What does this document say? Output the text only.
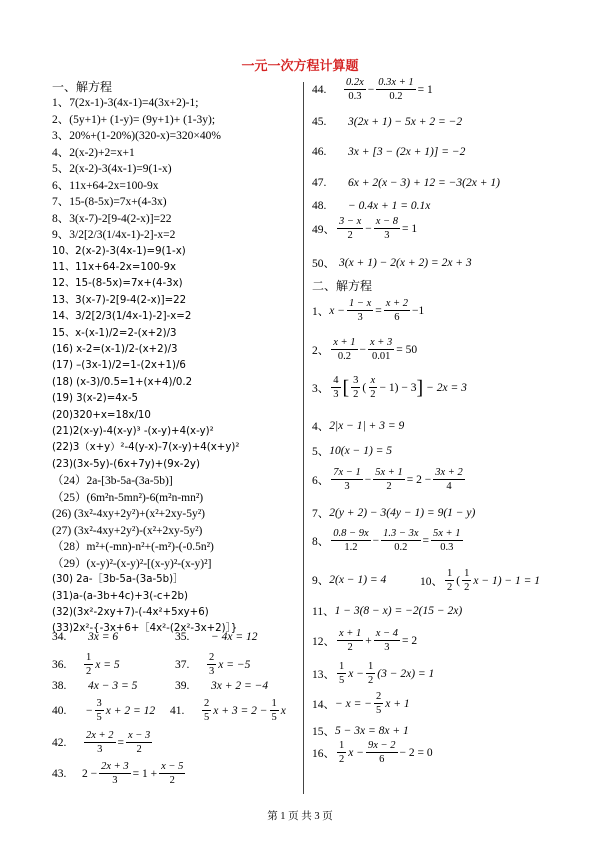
一元一次方程计算题
一、解方程
1、7(2x-1)-3(4x-1)=4(3x+2)-1;
2、(5y+1)+ (1-y)= (9y+1)+ (1-3y);
3、20%+(1-20%)(320-x)=320×40%
4、2(x-2)+2=x+1
5、2(x-2)-3(4x-1)=9(1-x)
6、11x+64-2x=100-9x
7、15-(8-5x)=7x+(4-3x)
8、3(x-7)-2[9-4(2-x)]=22
9、3/2[2/3(1/4x-1)-2]-x=2
10、2(x-2)-3(4x-1)=9(1-x)
11、11x+64-2x=100-9x
12、15-(8-5x)=7x+(4-3x)
13、3(x-7)-2[9-4(2-x)]=22
14、3/2[2/3(1/4x-1)-2]-x=2
15、x-(x-1)/2=2-(x+2)/3
(16) x-2=(x-1)/2-(x+2)/3
(17) –(3x-1)/2=1-(2x+1)/6
(18) (x-3)/0.5=1+(x+4)/0.2
(19) 3(x-2)=4x-5
(20)320+x=18x/10
(21)2(x-y)-4(x-y)³ -(x-y)+4(x-y)²
(22)3（x+y）²-4(y-x)-7(x-y)+4(x+y)²
(23)(3x-5y)-(6x+7y)+(9x-2y)
（24）2a-[3b-5a-(3a-5b)]
（25）(6m²n-5mn²)-6(m²n-mn²)
(26) (3x²-4xy+2y²)+(x²+2xy-5y²)
(27) (3x²-4xy+2y²)-(x²+2xy-5y²)
（28）m²+(-mn)-n²+(-m²)-(-0.5n²)
（29）(x-y)²-(x-y)²-[(x-y)²-(x-y)²]
(30) 2a-［3b-5a-(3a-5b)］
(31)a-(a-3b+4c)+3(-c+2b)
(32)(3x²-2xy+7)-(-4x²+5xy+6)
(33)2x²-{-3x+6+［4x²-(2x²-3x+2)］}
34.	3x = 6	35.	− 4x = 12
36.	$\frac{1}{2}$ x = 5	37.	$\frac{2}{3}$ x = −5
38.	4x − 3 = 5	39.	3x + 2 = −4
40.	− $\frac{3}{5}$ x + 2 = 12 41.	$\frac{2}{5}$ $x + 3 = 2 - \frac{1}{5}$ x
42.	$\frac{2x + 2}{3} = \frac{x - 3}{2}$
43.	$2 - \frac{2x + 3}{3} = 1 + \frac{x - 5}{2}$
44.	$\frac{0.2x}{0.3} - \frac{0.3x + 1}{0.2} = 1$
45.	3(2x + 1) − 5x + 2 = −2
46.	3x + [3 − (2x + 1)] = −2
47.	6x + 2(x − 3) + 12 = −3(2x + 1)
48.	− 0.4x + 1 = 0.1x
49、 $\frac{3 - x}{2} - \frac{x - 8}{3} = 1$
50、 3(x + 1) − 2(x + 2) = 2x + 3
二、解方程
1、 $x - \frac{1 - x}{3} = \frac{x + 2}{6} -1$
2、 $\frac{x + 1}{0.2} - \frac{x + 3}{0.01} = 50$
3、 $\frac{4}{3}$ [ $\frac{3}{2}$ ( $\frac{x}{2} - 1) - 3$ ] − 2x = 3
4、 2|x − 1| + 3 = 9
5、 10(x − 1) = 5
6、 $\frac{7x - 1}{3} - \frac{5x + 1}{2} = 2 - \frac{3x + 2}{4}$
7、 2(y + 2) − 3(4y − 1) = 9(1 − y)
8、 $\frac{0.8 - 9x}{1.2} - \frac{1.3 - 3x}{0.2} = \frac{5x + 1}{0.3}$
9、 2(x − 1) = 4	10、 $\frac{1}{2}$ ( $\frac{1}{2}$ x − 1) − 1 = 1
11、 1 − 3(8 − x) = −2(15 − 2x)
12、 $\frac{x + 1}{2} + \frac{x - 4}{3} = 2$
13、 $\frac{1}{5}$ $x - \frac{1}{2} (3 - 2x) = 1$
14、 − x = − $\frac{2}{5}$ x + 1
15、 5 − 3x = 8x + 1
16、 $\frac{1}{2}$ $x - \frac{9x - 2}{6} - 2 = 0$
第 1 页 共 3 页
